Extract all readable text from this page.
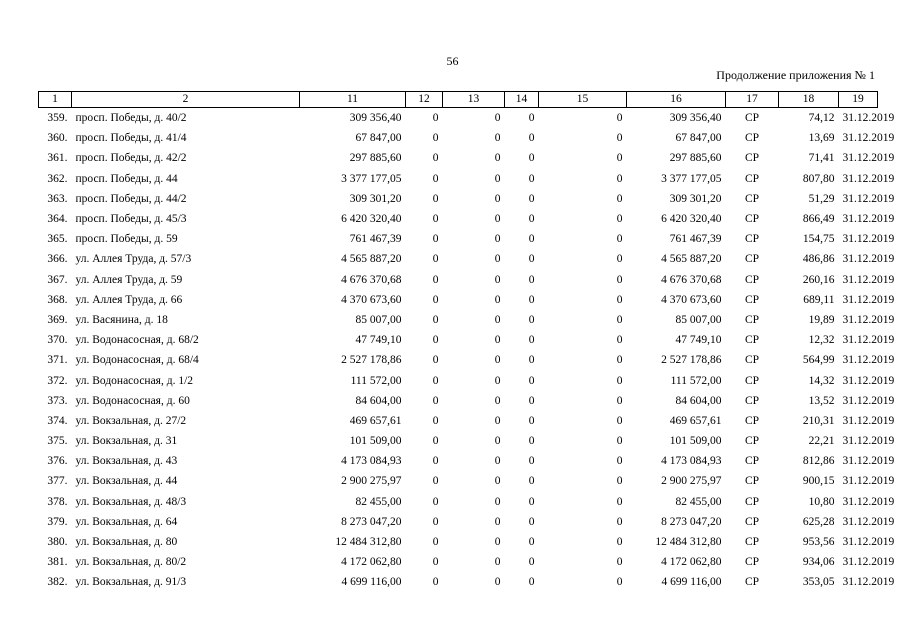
56
Продолжение приложения № 1
1	2	11	12	13	14	15	16	17	18	19
359.	просп. Победы, д. 40/2	309 356,40	0	0	0	0	309 356,40	СР	74,12	31.12.2019
360.	просп. Победы, д. 41/4	67 847,00	0	0	0	0	67 847,00	СР	13,69	31.12.2019
361.	просп. Победы, д. 42/2	297 885,60	0	0	0	0	297 885,60	СР	71,41	31.12.2019
362.	просп. Победы, д. 44	3 377 177,05	0	0	0	0	3 377 177,05	СР	807,80	31.12.2019
363.	просп. Победы, д. 44/2	309 301,20	0	0	0	0	309 301,20	СР	51,29	31.12.2019
364.	просп. Победы, д. 45/3	6 420 320,40	0	0	0	0	6 420 320,40	СР	866,49	31.12.2019
365.	просп. Победы, д. 59	761 467,39	0	0	0	0	761 467,39	СР	154,75	31.12.2019
366.	ул. Аллея Труда, д. 57/3	4 565 887,20	0	0	0	0	4 565 887,20	СР	486,86	31.12.2019
367.	ул. Аллея Труда, д. 59	4 676 370,68	0	0	0	0	4 676 370,68	СР	260,16	31.12.2019
368.	ул. Аллея Труда, д. 66	4 370 673,60	0	0	0	0	4 370 673,60	СР	689,11	31.12.2019
369.	ул. Васянина, д. 18	85 007,00	0	0	0	0	85 007,00	СР	19,89	31.12.2019
370.	ул. Водонасосная, д. 68/2	47 749,10	0	0	0	0	47 749,10	СР	12,32	31.12.2019
371.	ул. Водонасосная, д. 68/4	2 527 178,86	0	0	0	0	2 527 178,86	СР	564,99	31.12.2019
372.	ул. Водонасосная, д. 1/2	111 572,00	0	0	0	0	111 572,00	СР	14,32	31.12.2019
373.	ул. Водонасосная, д. 60	84 604,00	0	0	0	0	84 604,00	СР	13,52	31.12.2019
374.	ул. Вокзальная, д. 27/2	469 657,61	0	0	0	0	469 657,61	СР	210,31	31.12.2019
375.	ул. Вокзальная, д. 31	101 509,00	0	0	0	0	101 509,00	СР	22,21	31.12.2019
376.	ул. Вокзальная, д. 43	4 173 084,93	0	0	0	0	4 173 084,93	СР	812,86	31.12.2019
377.	ул. Вокзальная, д. 44	2 900 275,97	0	0	0	0	2 900 275,97	СР	900,15	31.12.2019
378.	ул. Вокзальная, д. 48/3	82 455,00	0	0	0	0	82 455,00	СР	10,80	31.12.2019
379.	ул. Вокзальная, д. 64	8 273 047,20	0	0	0	0	8 273 047,20	СР	625,28	31.12.2019
380.	ул. Вокзальная, д. 80	12 484 312,80	0	0	0	0	12 484 312,80	СР	953,56	31.12.2019
381.	ул. Вокзальная, д. 80/2	4 172 062,80	0	0	0	0	4 172 062,80	СР	934,06	31.12.2019
382.	ул. Вокзальная, д. 91/3	4 699 116,00	0	0	0	0	4 699 116,00	СР	353,05	31.12.2019
